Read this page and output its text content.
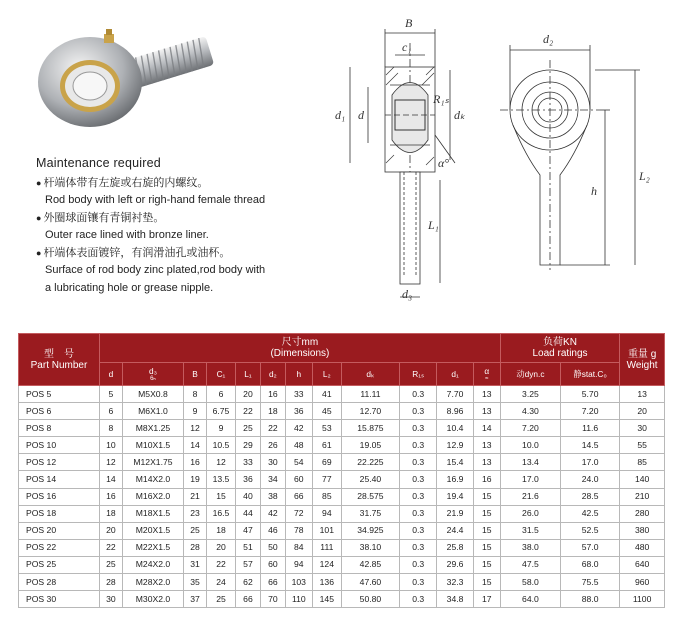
Maintenance required
● 杆端体带有左旋或右旋的内螺纹。
Rod body with left or righ-hand female thread
● 外圈球面镶有青铜衬垫。
Outer race lined with bronze liner.
● 杆端体表面镀锌，有润滑油孔或油杯。
Surface of rod body zinc plated,rod body with
a lubricating hole or grease nipple.
B
c₁
d₁ d
R₁ₛ
dₖ
α°
L₁
d₃
d₂
h
L₂
型　号
Part Number	尺寸mm
(Dimensions)												负荷KN
Load ratings		重量 g
Weight
	d	d₃
6ₕ	B	C₁	L₁	d₂	h	L₂	dₖ	R₁ₛ	d₁	α
≈	动dyn.c	静stat.C₀	
POS 5	5	M5X0.8	8	6	20	16	33	41	11.11	0.3	7.70	13	3.25	5.70	13
POS 6	6	M6X1.0	9	6.75	22	18	36	45	12.70	0.3	8.96	13	4.30	7.20	20
POS 8	8	M8X1.25	12	9	25	22	42	53	15.875	0.3	10.4	14	7.20	11.6	30
POS 10	10	M10X1.5	14	10.5	29	26	48	61	19.05	0.3	12.9	13	10.0	14.5	55
POS 12	12	M12X1.75	16	12	33	30	54	69	22.225	0.3	15.4	13	13.4	17.0	85
POS 14	14	M14X2.0	19	13.5	36	34	60	77	25.40	0.3	16.9	16	17.0	24.0	140
POS 16	16	M16X2.0	21	15	40	38	66	85	28.575	0.3	19.4	15	21.6	28.5	210
POS 18	18	M18X1.5	23	16.5	44	42	72	94	31.75	0.3	21.9	15	26.0	42.5	280
POS 20	20	M20X1.5	25	18	47	46	78	101	34.925	0.3	24.4	15	31.5	52.5	380
POS 22	22	M22X1.5	28	20	51	50	84	111	38.10	0.3	25.8	15	38.0	57.0	480
POS 25	25	M24X2.0	31	22	57	60	94	124	42.85	0.3	29.6	15	47.5	68.0	640
POS 28	28	M28X2.0	35	24	62	66	103	136	47.60	0.3	32.3	15	58.0	75.5	960
POS 30	30	M30X2.0	37	25	66	70	110	145	50.80	0.3	34.8	17	64.0	88.0	1100
